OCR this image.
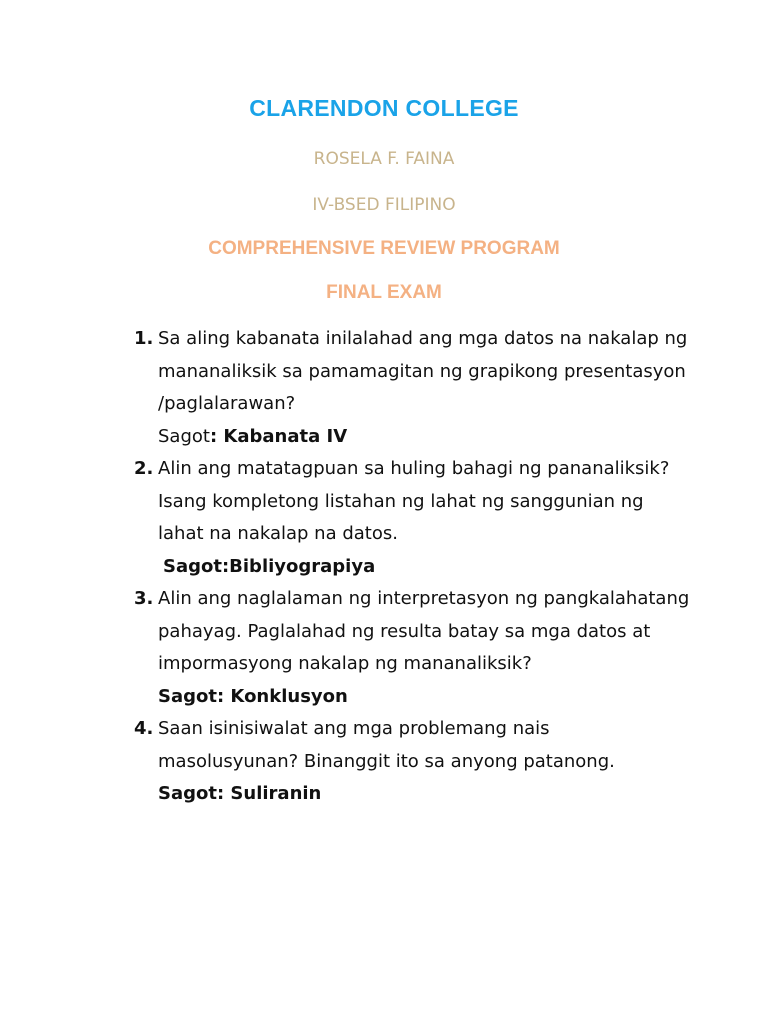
CLARENDON COLLEGE
ROSELA F. FAINA
IV-BSED FILIPINO
COMPREHENSIVE REVIEW PROGRAM
FINAL EXAM
1. Sa aling kabanata inilalahad ang mga datos na nakalap ng mananaliksik sa pamamagitan ng grapikong presentasyon /paglalarawan?
Sagot: Kabanata IV
2. Alin ang matatagpuan sa huling bahagi ng pananaliksik? Isang kompletong listahan ng lahat ng sanggunian ng lahat na nakalap na datos.
Sagot:Bibliyograpiya
3. Alin ang naglalaman ng interpretasyon ng pangkalahatang pahayag. Paglalahad ng resulta batay sa mga datos at impormasyong nakalap ng mananaliksik?
Sagot: Konklusyon
4. Saan isinisiwalat ang mga problemang nais masolusyunan? Binanggit ito sa anyong patanong.
Sagot: Suliranin
